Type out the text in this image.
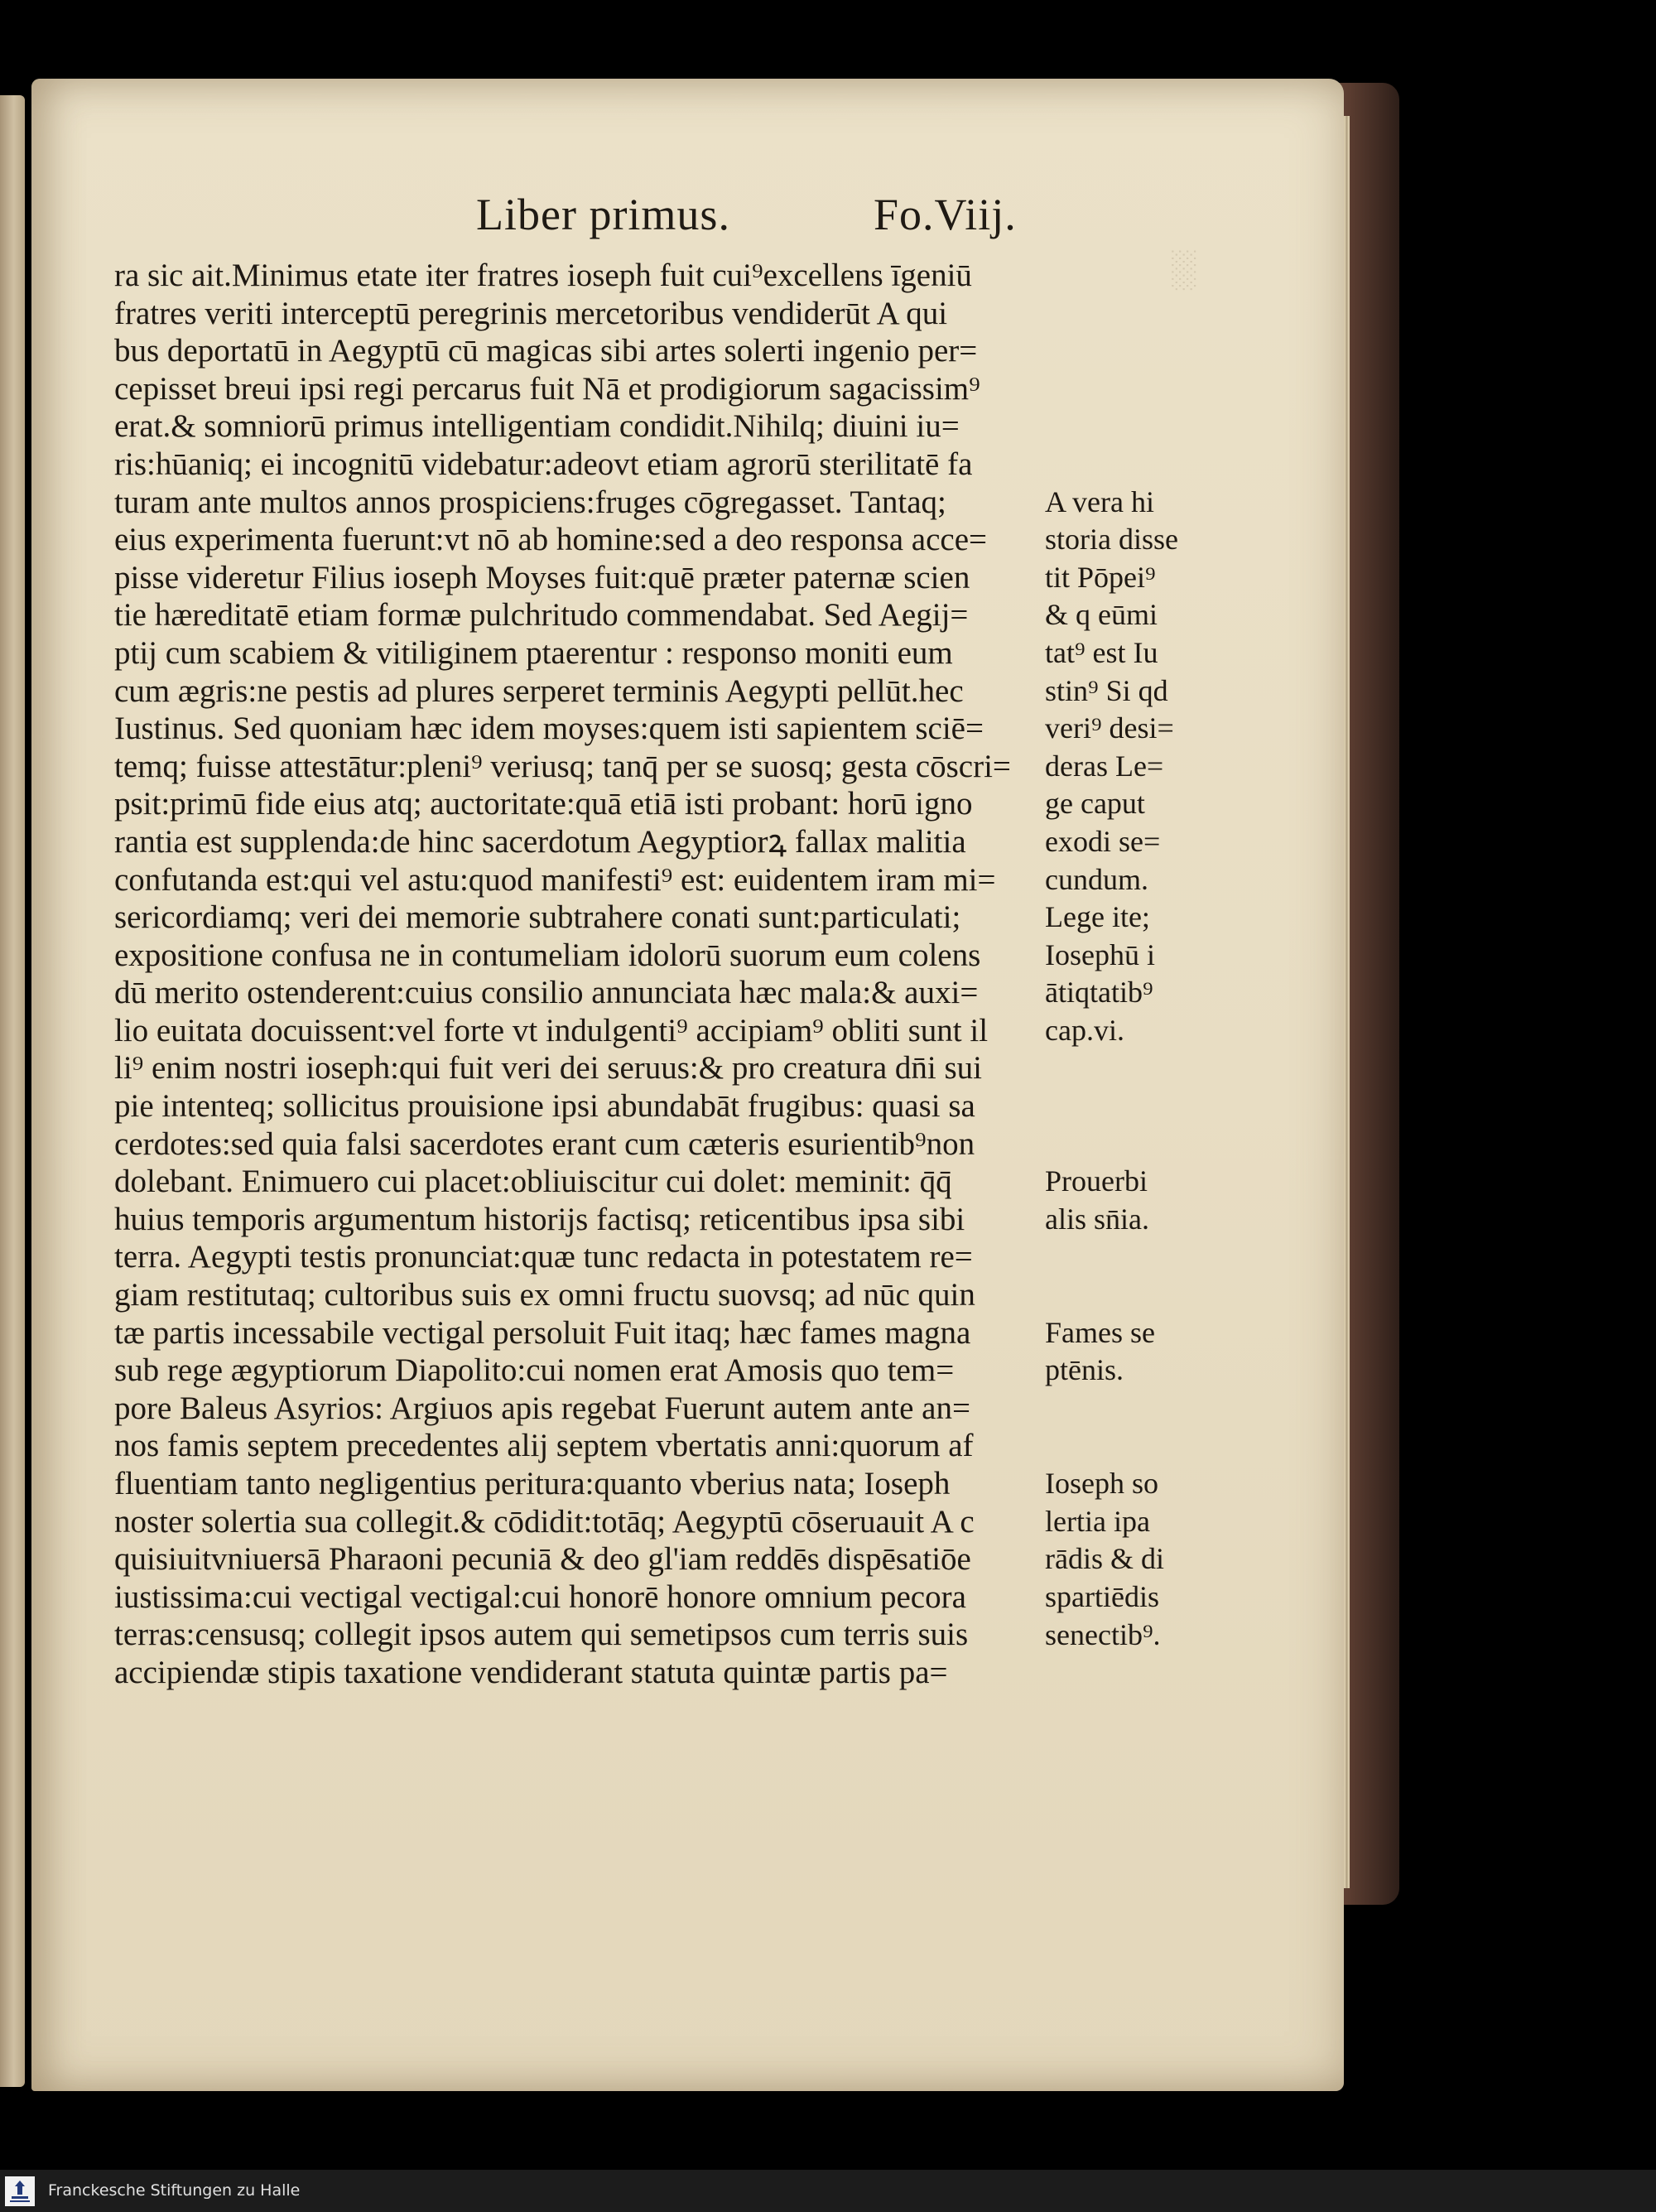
░
Liber primus.	Fo.Viij.
ra sic ait.Minimus etate iter fratres ioseph fuit cui⁹excellens īgeniū
fratres veriti interceptū peregrinis mercetoribus vendiderūt A qui
bus deportatū in Aegyptū cū magicas sibi artes solerti ingenio per=
cepisset breui ipsi regi percarus fuit Nā et prodigiorum sagacissim⁹
erat.& somniorū primus intelligentiam condidit.Nihilq; diuini iu=
ris:hūaniq; ei incognitū videbatur:adeovt etiam agrorū sterilitatē fa
turam ante multos annos prospiciens:fruges cōgregasset. Tantaq;
eius experimenta fuerunt:vt nō ab homine:sed a deo responsa acce=
pisse videretur Filius ioseph Moyses fuit:quē præter paternæ scien
tie hæreditatē etiam formæ pulchritudo commendabat. Sed Aegij=
ptij cum scabiem & vitiliginem ptaerentur : responso moniti eum
cum ægris:ne pestis ad plures serperet terminis Aegypti pellūt.hec
Iustinus. Sed quoniam hæc idem moyses:quem isti sapientem sciē=
temq; fuisse attestātur:pleni⁹ veriusq; tanq̄ per se suosq; gesta cōscri=
psit:primū fide eius atq; auctoritate:quā etiā isti probant: horū igno
rantia est supplenda:de hinc sacerdotum Aegyptiorꝝ fallax malitia
confutanda est:qui vel astu:quod manifesti⁹ est: euidentem iram mi=
sericordiamq; veri dei memorie subtrahere conati sunt:particulati;
expositione confusa ne in contumeliam idolorū suorum eum colens
dū merito ostenderent:cuius consilio annunciata hæc mala:& auxi=
lio euitata docuissent:vel forte vt indulgenti⁹ accipiam⁹ obliti sunt il
li⁹ enim nostri ioseph:qui fuit veri dei seruus:& pro creatura dn̄i sui
pie intenteq; sollicitus prouisione ipsi abundabāt frugibus: quasi sa
cerdotes:sed quia falsi sacerdotes erant cum cæteris esurientib⁹non
dolebant. Enimuero cui placet:obliuiscitur cui dolet: meminit: q̄q̄
huius temporis argumentum historijs factisq; reticentibus ipsa sibi
terra. Aegypti testis pronunciat:quæ tunc redacta in potestatem re=
giam restitutaq; cultoribus suis ex omni fructu suovsq; ad nūc quin
tæ partis incessabile vectigal persoluit Fuit itaq; hæc fames magna
sub rege ægyptiorum Diapolito:cui nomen erat Amosis quo tem=
pore Baleus Asyrios: Argiuos apis regebat Fuerunt autem ante an=
nos famis septem precedentes alij septem vbertatis anni:quorum af
fluentiam tanto negligentius peritura:quanto vberius nata; Ioseph
noster solertia sua collegit.& cōdidit:totāq; Aegyptū cōseruauit A c
quisiuitvniuersā Pharaoni pecuniā & deo gl'iam reddēs dispēsatiōe
iustissima:cui vectigal vectigal:cui honorē honore omnium pecora
terras:censusq; collegit ipsos autem qui semetipsos cum terris suis
accipiendæ stipis taxatione vendiderant statuta quintæ partis pa=
A vera hi
storia disse
tit Pōpei⁹
& q eūmi
tat⁹ est Iu
stin⁹ Si qd
veri⁹ desi=
deras Le=
ge caput
exodi se=
cundum.
Lege ite;
Iosephū i
ātiqtatib⁹
cap.vi.
Prouerbi
alis sn̄ia.
Fames se
ptēnis.
Ioseph so
lertia ipa
rādis & di
spartiēdis
senectib⁹.
Franckesche Stiftungen zu Halle
